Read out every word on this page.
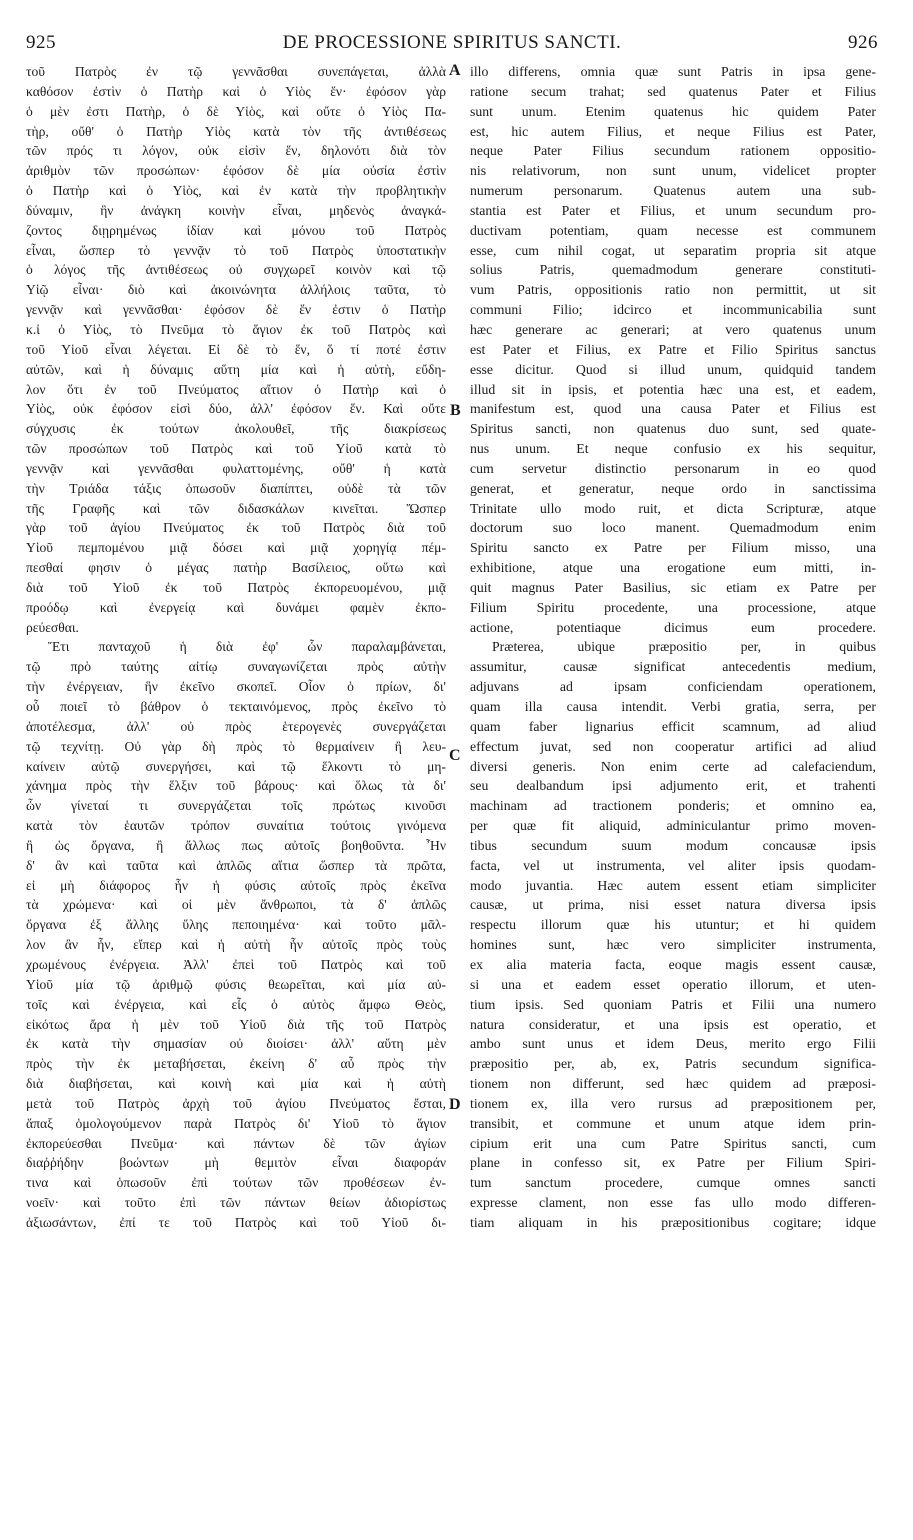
925	DE PROCESSIONE SPIRITUS SANCTI.	926
τοῦ Πατρὸς ἐν τῷ γεννᾶσθαι συνεπάγεται, ἀλλὰ
καθόσον ἐστὶν ὁ Πατὴρ καὶ ὁ Υἱὸς ἕν· ἐφόσον γὰρ
ὁ μὲν ἐστι Πατὴρ, ὁ δὲ Υἱὸς, καὶ οὔτε ὁ Υἱὸς Πα-
τὴρ, οὔθ' ὁ Πατὴρ Υἱὸς κατὰ τὸν τῆς ἀντιθέσεως
τῶν πρός τι λόγον, οὐκ εἰσὶν ἕν, δηλονότι διὰ τὸν
ἀριθμὸν τῶν προσώπων· ἐφόσον δὲ μία οὐσία ἐστὶν
ὁ Πατὴρ καὶ ὁ Υἱὸς, καὶ ἐν κατὰ τὴν προβλητικὴν
δύναμιν, ἣν ἀνάγκη κοινὴν εἶναι, μηδενὸς ἀναγκά-
ζοντος διῃρημένως ἰδίαν καὶ μόνου τοῦ Πατρὸς
εἶναι, ὥσπερ τὸ γεννᾷν τὸ τοῦ Πατρὸς ὑποστατικὴν
ὁ λόγος τῆς ἀντιθέσεως οὐ συγχωρεῖ κοινὸν καὶ τῷ
Υἱῷ εἶναι· διὸ καὶ ἀκοινώνητα ἀλλήλοις ταῦτα, τὸ
γεννᾷν καὶ γεννᾶσθαι· ἐφόσον δὲ ἕν ἐστιν ὁ Πατὴρ
κ.ἰ ὁ Υἱὸς, τὸ Πνεῦμα τὸ ἅγιον ἐκ τοῦ Πατρὸς καὶ
τοῦ Υἱοῦ εἶναι λέγεται. Εἰ δὲ τὸ ἕν, ὅ τί ποτέ ἐστιν
αὐτῶν, καὶ ἡ δύναμις αὕτη μία καὶ ἡ αὐτὴ, εὔδη-
λον ὅτι ἐν τοῦ Πνεύματος αἴτιον ὁ Πατὴρ καὶ ὁ
Υἱὸς, οὐκ ἐφόσον εἰσὶ δύο, ἀλλ' ἐφόσον ἕν. Καὶ οὔτε
σύγχυσις ἐκ τούτων ἀκολουθεῖ, τῆς διακρίσεως
τῶν προσώπων τοῦ Πατρὸς καὶ τοῦ Υἱοῦ κατὰ τὸ
γεννᾷν καὶ γεννᾶσθαι φυλαττομένης, οὔθ' ἡ κατὰ
τὴν Τριάδα τάξις ὁπωσοῦν διαπίπτει, οὐδὲ τὰ τῶν
τῆς Γραφῆς καὶ τῶν διδασκάλων κινεῖται. Ὥσπερ
γὰρ τοῦ ἁγίου Πνεύματος ἐκ τοῦ Πατρὸς διὰ τοῦ
Υἱοῦ πεμπομένου μιᾷ δόσει καὶ μιᾷ χορηγίᾳ πέμ-
πεσθαί φησιν ὁ μέγας πατὴρ Βασίλειος, οὕτω καὶ
διὰ τοῦ Υἱοῦ ἐκ τοῦ Πατρὸς ἐκπορευομένου, μιᾷ
προόδῳ καὶ ἐνεργείᾳ καὶ δυνάμει φαμὲν ἐκπο-
ρεύεσθαι.
Ἔτι πανταχοῦ ἡ διὰ ἐφ' ὧν παραλαμβάνεται,
τῷ πρὸ ταύτης αἰτίῳ συναγωνίζεται πρὸς αὐτὴν
τὴν ἐνέργειαν, ἣν ἐκεῖνο σκοπεῖ. Οἷον ὁ πρίων, δι'
οὗ ποιεῖ τὸ βάθρον ὁ τεκταινόμενος, πρὸς ἐκεῖνο τὸ
ἀποτέλεσμα, ἀλλ' οὐ πρὸς ἑτερογενὲς συνεργάζεται
τῷ τεχνίτῃ. Οὐ γὰρ δὴ πρὸς τὸ θερμαίνειν ἢ λευ-
καίνειν αὐτῷ συνεργήσει, καὶ τῷ ἕλκοντι τὸ μη-
χάνημα πρὸς τὴν ἕλξιν τοῦ βάρους· καὶ ὅλως τὰ δι'
ὧν γίνεταί τι συνεργάζεται τοῖς πρώτως κινοῦσι
κατὰ τὸν ἑαυτῶν τρόπον συναίτια τούτοις γινόμενα
ἢ ὡς ὄργανα, ἢ ἄλλως πως αὐτοῖς βοηθοῦντα. Ἦν
δ' ἂν καὶ ταῦτα καὶ ἁπλῶς αἴτια ὥσπερ τὰ πρῶτα,
εἰ μὴ διάφορος ἦν ἡ φύσις αὐτοῖς πρὸς ἐκεῖνα
τὰ χρώμενα· καὶ οἱ μὲν ἄνθρωποι, τὰ δ' ἁπλῶς
ὄργανα ἐξ ἄλλης ὕλης πεποιημένα· καὶ τοῦτο μᾶλ-
λον ἂν ἦν, εἴπερ καὶ ἡ αὐτὴ ἦν αὐτοῖς πρὸς τοὺς
χρωμένους ἐνέργεια. Ἀλλ' ἐπεὶ τοῦ Πατρὸς καὶ τοῦ
Υἱοῦ μία τῷ ἀριθμῷ φύσις θεωρεῖται, καὶ μία αὐ-
τοῖς καὶ ἐνέργεια, καὶ εἷς ὁ αὐτὸς ἄμφω Θεὸς,
εἰκότως ἄρα ἡ μὲν τοῦ Υἱοῦ διὰ τῆς τοῦ Πατρὸς
ἐκ κατὰ τὴν σημασίαν οὐ διοίσει· ἀλλ' αὕτη μὲν
πρὸς τὴν ἐκ μεταβήσεται, ἐκείνη δ' αὖ πρὸς τὴν
διὰ διαβήσεται, καὶ κοινὴ καὶ μία καὶ ἡ αὐτὴ
μετὰ τοῦ Πατρὸς ἀρχὴ τοῦ ἁγίου Πνεύματος ἔσται,
ἅπαξ ὁμολογούμενον παρὰ Πατρὸς δι' Υἱοῦ τὸ ἅγιον
ἐκπορεύεσθαι Πνεῦμα· καὶ πάντων δὲ τῶν ἁγίων
διαῤῥήδην βοώντων μὴ θεμιτὸν εἶναι διαφοράν
τινα καὶ ὁπωσοῦν ἐπὶ τούτων τῶν προθέσεων ἐν-
νοεῖν· καὶ τοῦτο ἐπὶ τῶν πάντων θείων ἀδιορίστως
ἀξιωσάντων, ἐπί τε τοῦ Πατρὸς καὶ τοῦ Υἱοῦ δι-
illo differens, omnia quæ sunt Patris in ipsa gene-
ratione secum trahat; sed quatenus Pater et Filius
sunt unum. Etenim quatenus hic quidem Pater
est, hic autem Filius, et neque Filius est Pater,
neque Pater Filius secundum rationem oppositio-
nis relativorum, non sunt unum, videlicet propter
numerum personarum. Quatenus autem una sub-
stantia est Pater et Filius, et unum secundum pro-
ductivam potentiam, quam necesse est communem
esse, cum nihil cogat, ut separatim propria sit atque
solius Patris, quemadmodum generare constituti-
vum Patris, oppositionis ratio non permittit, ut sit
communi Filio; idcirco et incommunicabilia sunt
hæc generare ac generari; at vero quatenus unum
est Pater et Filius, ex Patre et Filio Spiritus sanctus
esse dicitur. Quod si illud unum, quidquid tandem
illud sit in ipsis, et potentia hæc una est, et eadem,
manifestum est, quod una causa Pater et Filius est
Spiritus sancti, non quatenus duo sunt, sed quate-
nus unum. Et neque confusio ex his sequitur,
cum servetur distinctio personarum in eo quod
generat, et generatur, neque ordo in sanctissima
Trinitate ullo modo ruit, et dicta Scripturæ, atque
doctorum suo loco manent. Quemadmodum enim
Spiritu sancto ex Patre per Filium misso, una
exhibitione, atque una erogatione eum mitti, in-
quit magnus Pater Basilius, sic etiam ex Patre per
Filium Spiritu procedente, una processione, atque
actione, potentiaque dicimus eum procedere.
Præterea, ubique præpositio per, in quibus
assumitur, causæ significat antecedentis medium,
adjuvans ad ipsam conficiendam operationem,
quam illa causa intendit. Verbi gratia, serra, per
quam faber lignarius efficit scamnum, ad aliud
effectum juvat, sed non cooperatur artifici ad aliud
diversi generis. Non enim certe ad calefaciendum,
seu dealbandum ipsi adjumento erit, et trahenti
machinam ad tractionem ponderis; et omnino ea,
per quæ fit aliquid, adminiculantur primo moven-
tibus secundum suum modum concausæ ipsis
facta, vel ut instrumenta, vel aliter ipsis quodam-
modo juvantia. Hæc autem essent etiam simpliciter
causæ, ut prima, nisi esset natura diversa ipsis
respectu illorum quæ his utuntur; et hi quidem
homines sunt, hæc vero simpliciter instrumenta,
ex alia materia facta, eoque magis essent causæ,
si una et eadem esset operatio illorum, et uten-
tium ipsis. Sed quoniam Patris et Filii una numero
natura consideratur, et una ipsis est operatio, et
ambo sunt unus et idem Deus, merito ergo Filii
præpositio per, ab, ex, Patris secundum significa-
tionem non differunt, sed hæc quidem ad præposi-
tionem ex, illa vero rursus ad præpositionem per,
transibit, et commune et unum atque idem prin-
cipium erit una cum Patre Spiritus sancti, cum
plane in confesso sit, ex Patre per Filium Spiri-
tum sanctum procedere, cumque omnes sancti
expresse clament, non esse fas ullo modo differen-
tiam aliquam in his præpositionibus cogitare; idque
A
B
C
D
